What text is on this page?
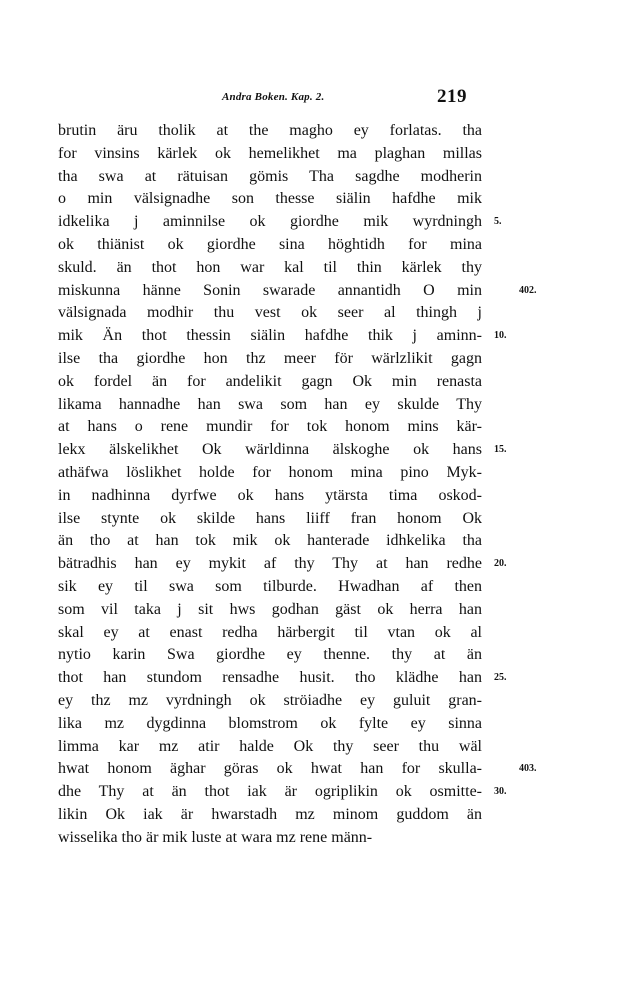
Andra Boken. Kap. 2.	219
brutin äru tholik at the magho ey forlatas. tha
for vinsins kärlek ok hemelikhet ma plaghan millas
tha swa at rätuisan gömis Tha sagdhe modherin
o min välsignadhe son thesse siälin hafdhe mik
idkelika j aminnilse ok giordhe mik wyrdningh 5.
ok thiänist ok giordhe sina höghtidh for mina
skuld. än thot hon war kal til thin kärlek thy
miskunna hänne Sonin swarade annantidh O min	402.
välsignada modhir thu vest ok seer al thingh j
mik Än thot thessin siälin hafdhe thik j aminn- 10.
ilse tha giordhe hon thz meer för wärlzlikit gagn
ok fordel än for andelikit gagn Ok min renasta
likama hannadhe han swa som han ey skulde Thy
at hans o rene mundir for tok honom mins kär-
lekx älskelikhet Ok wärldinna älskoghe ok hans 15.
athäfwa löslikhet holde for honom mina pino Myk-
in nadhinna dyrfwe ok hans ytärsta tima oskod-
ilse stynte ok skilde hans liiff fran honom Ok
än tho at han tok mik ok hanterade idhkelika tha
bätradhis han ey mykit af thy Thy at han redhe 20.
sik ey til swa som tilburde. Hwadhan af then
som vil taka j sit hws godhan gäst ok herra han
skal ey at enast redha härbergit til vtan ok al
nytio karin Swa giordhe ey thenne. thy at än
thot han stundom rensadhe husit. tho klädhe han 25.
ey thz mz vyrdningh ok ströiadhe ey guluit gran-
lika mz dygdinna blomstrom ok fylte ey sinna
limma kar mz atir halde Ok thy seer thu wäl
hwat honom äghar göras ok hwat han for skulla-	403.
dhe Thy at än thot iak är ogriplikin ok osmitte- 30.
likin Ok iak är hwarstadh mz minom guddom än
wisselika tho är mik luste at wara mz rene männ-
